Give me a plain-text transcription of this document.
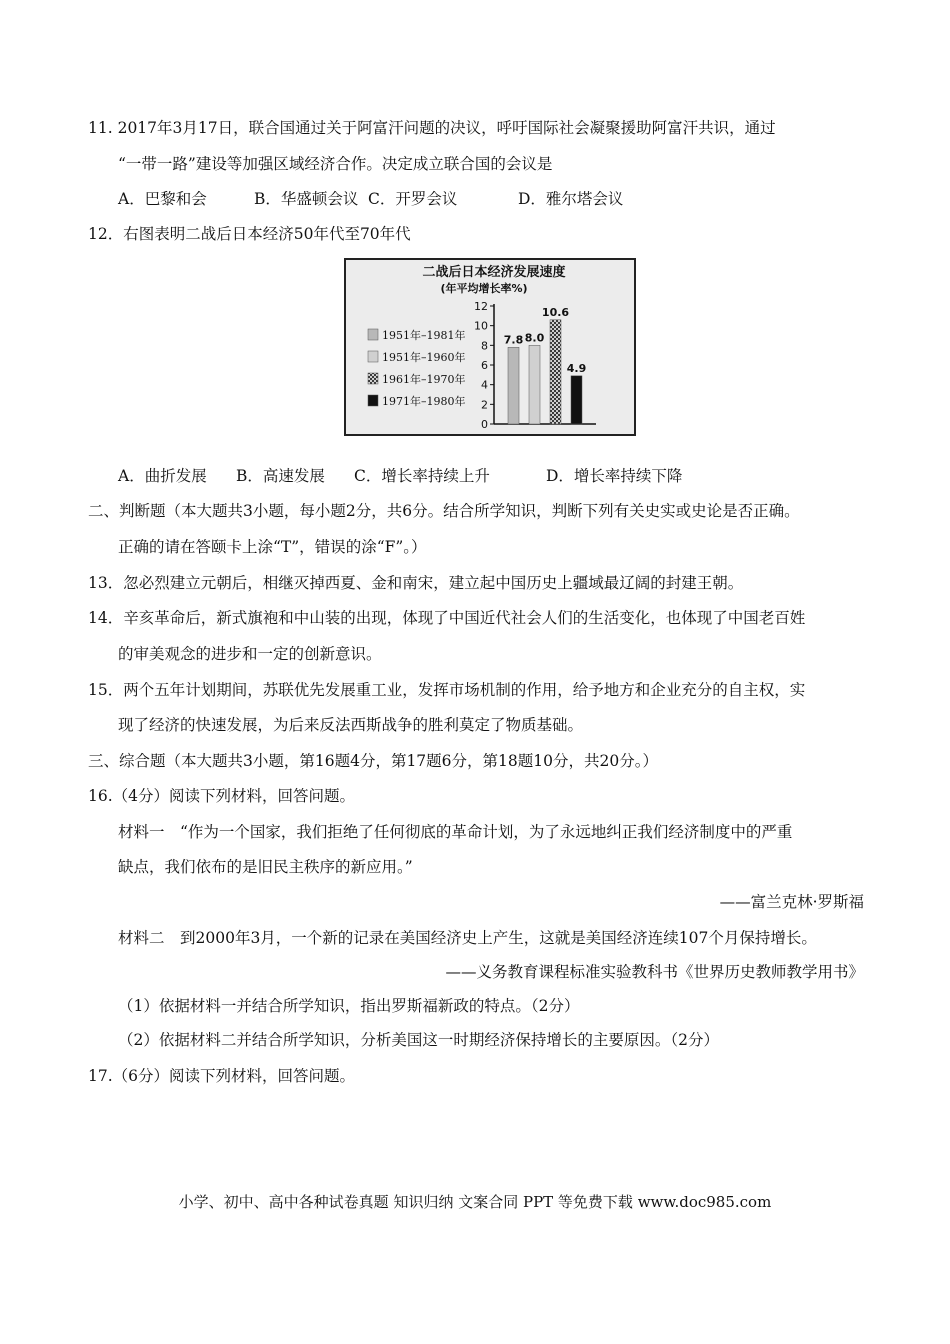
11. 2017年3月17日，联合国通过关于阿富汗问题的决议，呼吁国际社会凝聚援助阿富汗共识，通过
“一带一路”建设等加强区域经济合作。决定成立联合国的会议是
A．巴黎和会	B．华盛顿会议 C．开罗会议	D．雅尔塔会议
12．右图表明二战后日本经济50年代至70年代
二战后日本经济发展速度
(年平均增长率%)
0
2
4
6
8
10
12
7.8 8.0
10.6
4.9
1951年–1981年
1951年–1960年
1961年–1970年
1971年–1980年
A．曲折发展 B．高速发展 C．增长率持续上升	D．增长率持续下降
二、判断题（本大题共3小题，每小题2分，共6分。结合所学知识，判断下列有关史实或史论是否正确。
正确的请在答颐卡上涂“T”，错误的涂“F”。）
13．忽必烈建立元朝后，相继灭掉西夏、金和南宋，建立起中国历史上疆域最辽阔的封建王朝。
14．辛亥革命后，新式旗袍和中山装的出现，体现了中国近代社会人们的生活变化，也体现了中国老百姓
的审美观念的进步和一定的创新意识。
15．两个五年计划期间，苏联优先发展重工业，发挥市场机制的作用，给予地方和企业充分的自主权，实
现了经济的快速发展，为后来反法西斯战争的胜利莫定了物质基础。
三、综合题（本大题共3小题，第16题4分，第17题6分，第18题10分，共20分。）
16.（4分）阅读下列材料，回答问题。
材料一　“作为一个国家，我们拒绝了任何彻底的革命计划，为了永远地纠正我们经济制度中的严重
缺点，我们依布的是旧民主秩序的新应用。”
——富兰克林·罗斯福
材料二　到2000年3月，一个新的记录在美国经济史上产生，这就是美国经济连续107个月保持增长。
——义务教育课程标准实验教科书《世界历史教师教学用书》
（1）依据材料一并结合所学知识，指出罗斯福新政的特点。（2分）
（2）依据材料二并结合所学知识，分析美国这一时期经济保持增长的主要原因。（2分）
17.（6分）阅读下列材料，回答问题。
小学、初中、高中各种试卷真题 知识归纳 文案合同 PPT 等免费下载 www.doc985.com
